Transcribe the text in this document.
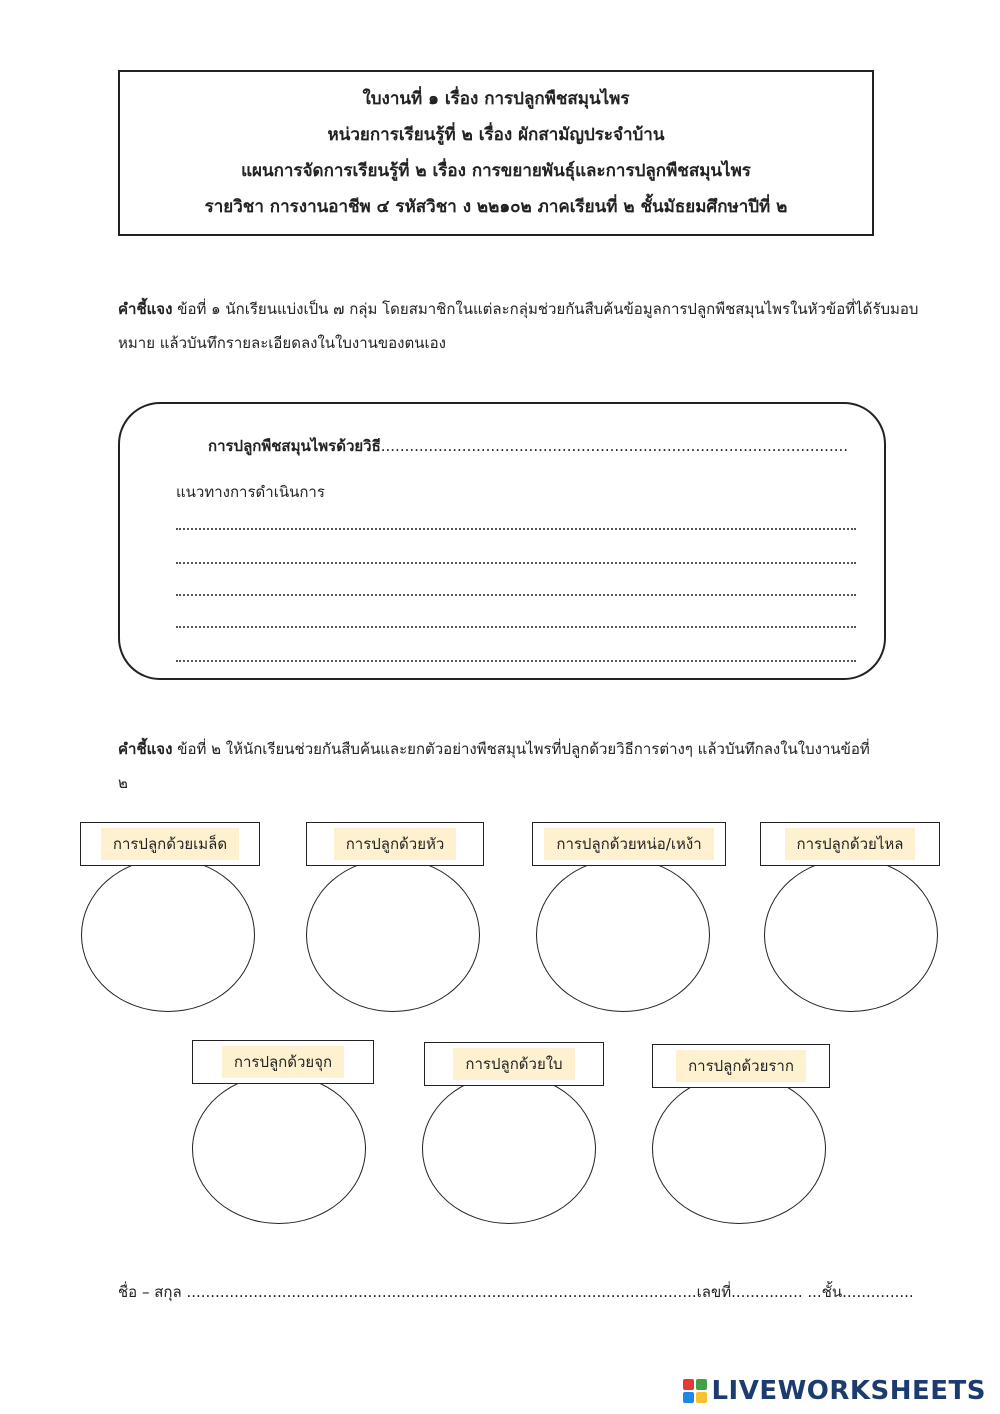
ใบงานที่ ๑ เรื่อง การปลูกพืชสมุนไพร
หน่วยการเรียนรู้ที่ ๒ เรื่อง ผักสามัญประจำบ้าน
แผนการจัดการเรียนรู้ที่ ๒ เรื่อง การขยายพันธุ์และการปลูกพืชสมุนไพร
รายวิชา การงานอาชีพ ๔ รหัสวิชา ง ๒๒๑๐๒ ภาคเรียนที่ ๒ ชั้นมัธยมศึกษาปีที่ ๒
คำชี้แจง ข้อที่ ๑ นักเรียนแบ่งเป็น ๗ กลุ่ม โดยสมาชิกในแต่ละกลุ่มช่วยกันสืบค้นข้อมูลการปลูกพืชสมุนไพรในหัวข้อที่ได้รับมอบหมาย แล้วบันทึกรายละเอียดลงในใบงานของตนเอง
การปลูกพืชสมุนไพรด้วยวิธี..................................................................................................
แนวทางการดำเนินการ
คำชี้แจง ข้อที่ ๒ ให้นักเรียนช่วยกันสืบค้นและยกตัวอย่างพืชสมุนไพรที่ปลูกด้วยวิธีการต่างๆ แล้วบันทึกลงในใบงานข้อที่ ๒
การปลูกด้วยเมล็ด	การปลูกด้วยหัว	การปลูกด้วยหน่อ/เหง้า	การปลูกด้วยไหล
การปลูกด้วยจุก	การปลูกด้วยใบ	การปลูกด้วยราก
ชื่อ – สกุล ...........................................................................................................เลขที่............... ...ชั้น...............
LIVEWORKSHEETS
